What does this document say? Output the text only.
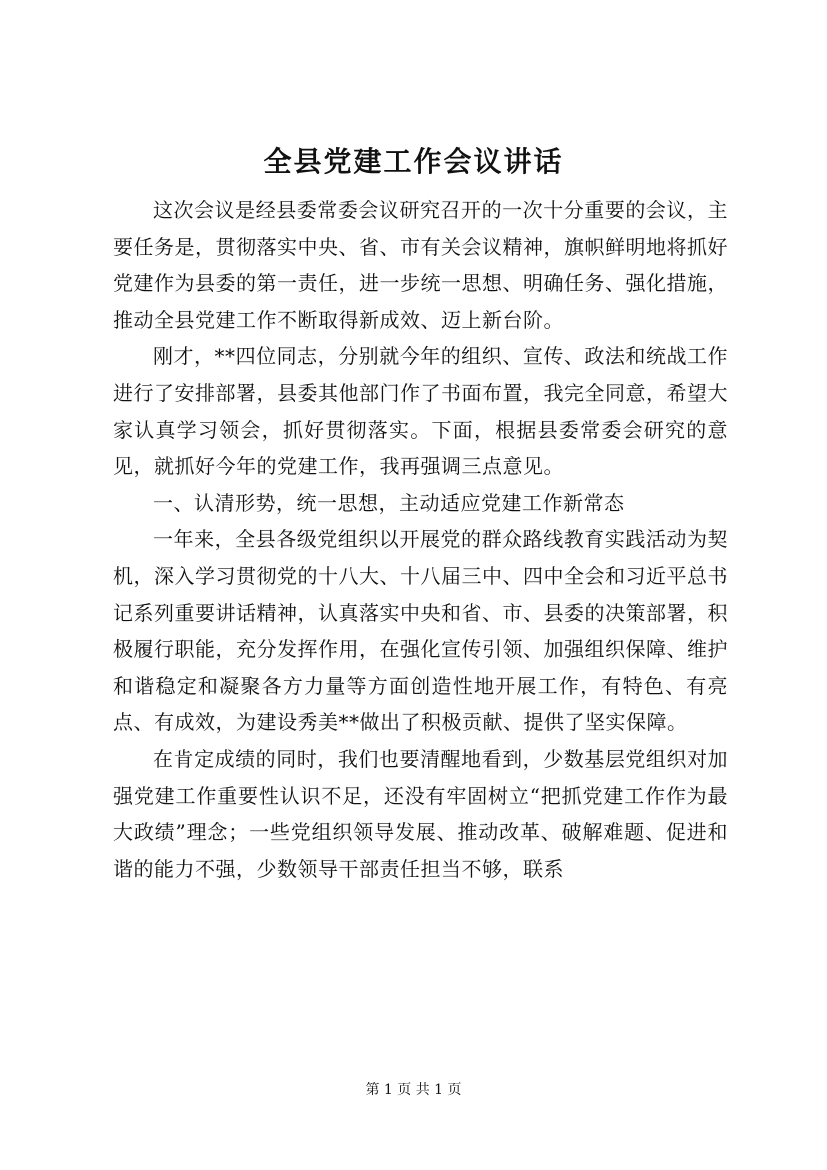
全县党建工作会议讲话

这次会议是经县委常委会议研究召开的一次十分重要的会议，主要任务是，贯彻落实中央、省、市有关会议精神，旗帜鲜明地将抓好党建作为县委的第一责任，进一步统一思想、明确任务、强化措施，推动全县党建工作不断取得新成效、迈上新台阶。

刚才，**四位同志，分别就今年的组织、宣传、政法和统战工作进行了安排部署，县委其他部门作了书面布置，我完全同意，希望大家认真学习领会，抓好贯彻落实。下面，根据县委常委会研究的意见，就抓好今年的党建工作，我再强调三点意见。

一、认清形势，统一思想，主动适应党建工作新常态

一年来，全县各级党组织以开展党的群众路线教育实践活动为契机，深入学习贯彻党的十八大、十八届三中、四中全会和习近平总书记系列重要讲话精神，认真落实中央和省、市、县委的决策部署，积极履行职能，充分发挥作用，在强化宣传引领、加强组织保障、维护和谐稳定和凝聚各方力量等方面创造性地开展工作，有特色、有亮点、有成效，为建设秀美**做出了积极贡献、提供了坚实保障。

在肯定成绩的同时，我们也要清醒地看到，少数基层党组织对加强党建工作重要性认识不足，还没有牢固树立“把抓党建工作作为最大政绩”理念；一些党组织领导发展、推动改革、破解难题、促进和谐的能力不强，少数领导干部责任担当不够，联系

第 1 页 共 1 页
